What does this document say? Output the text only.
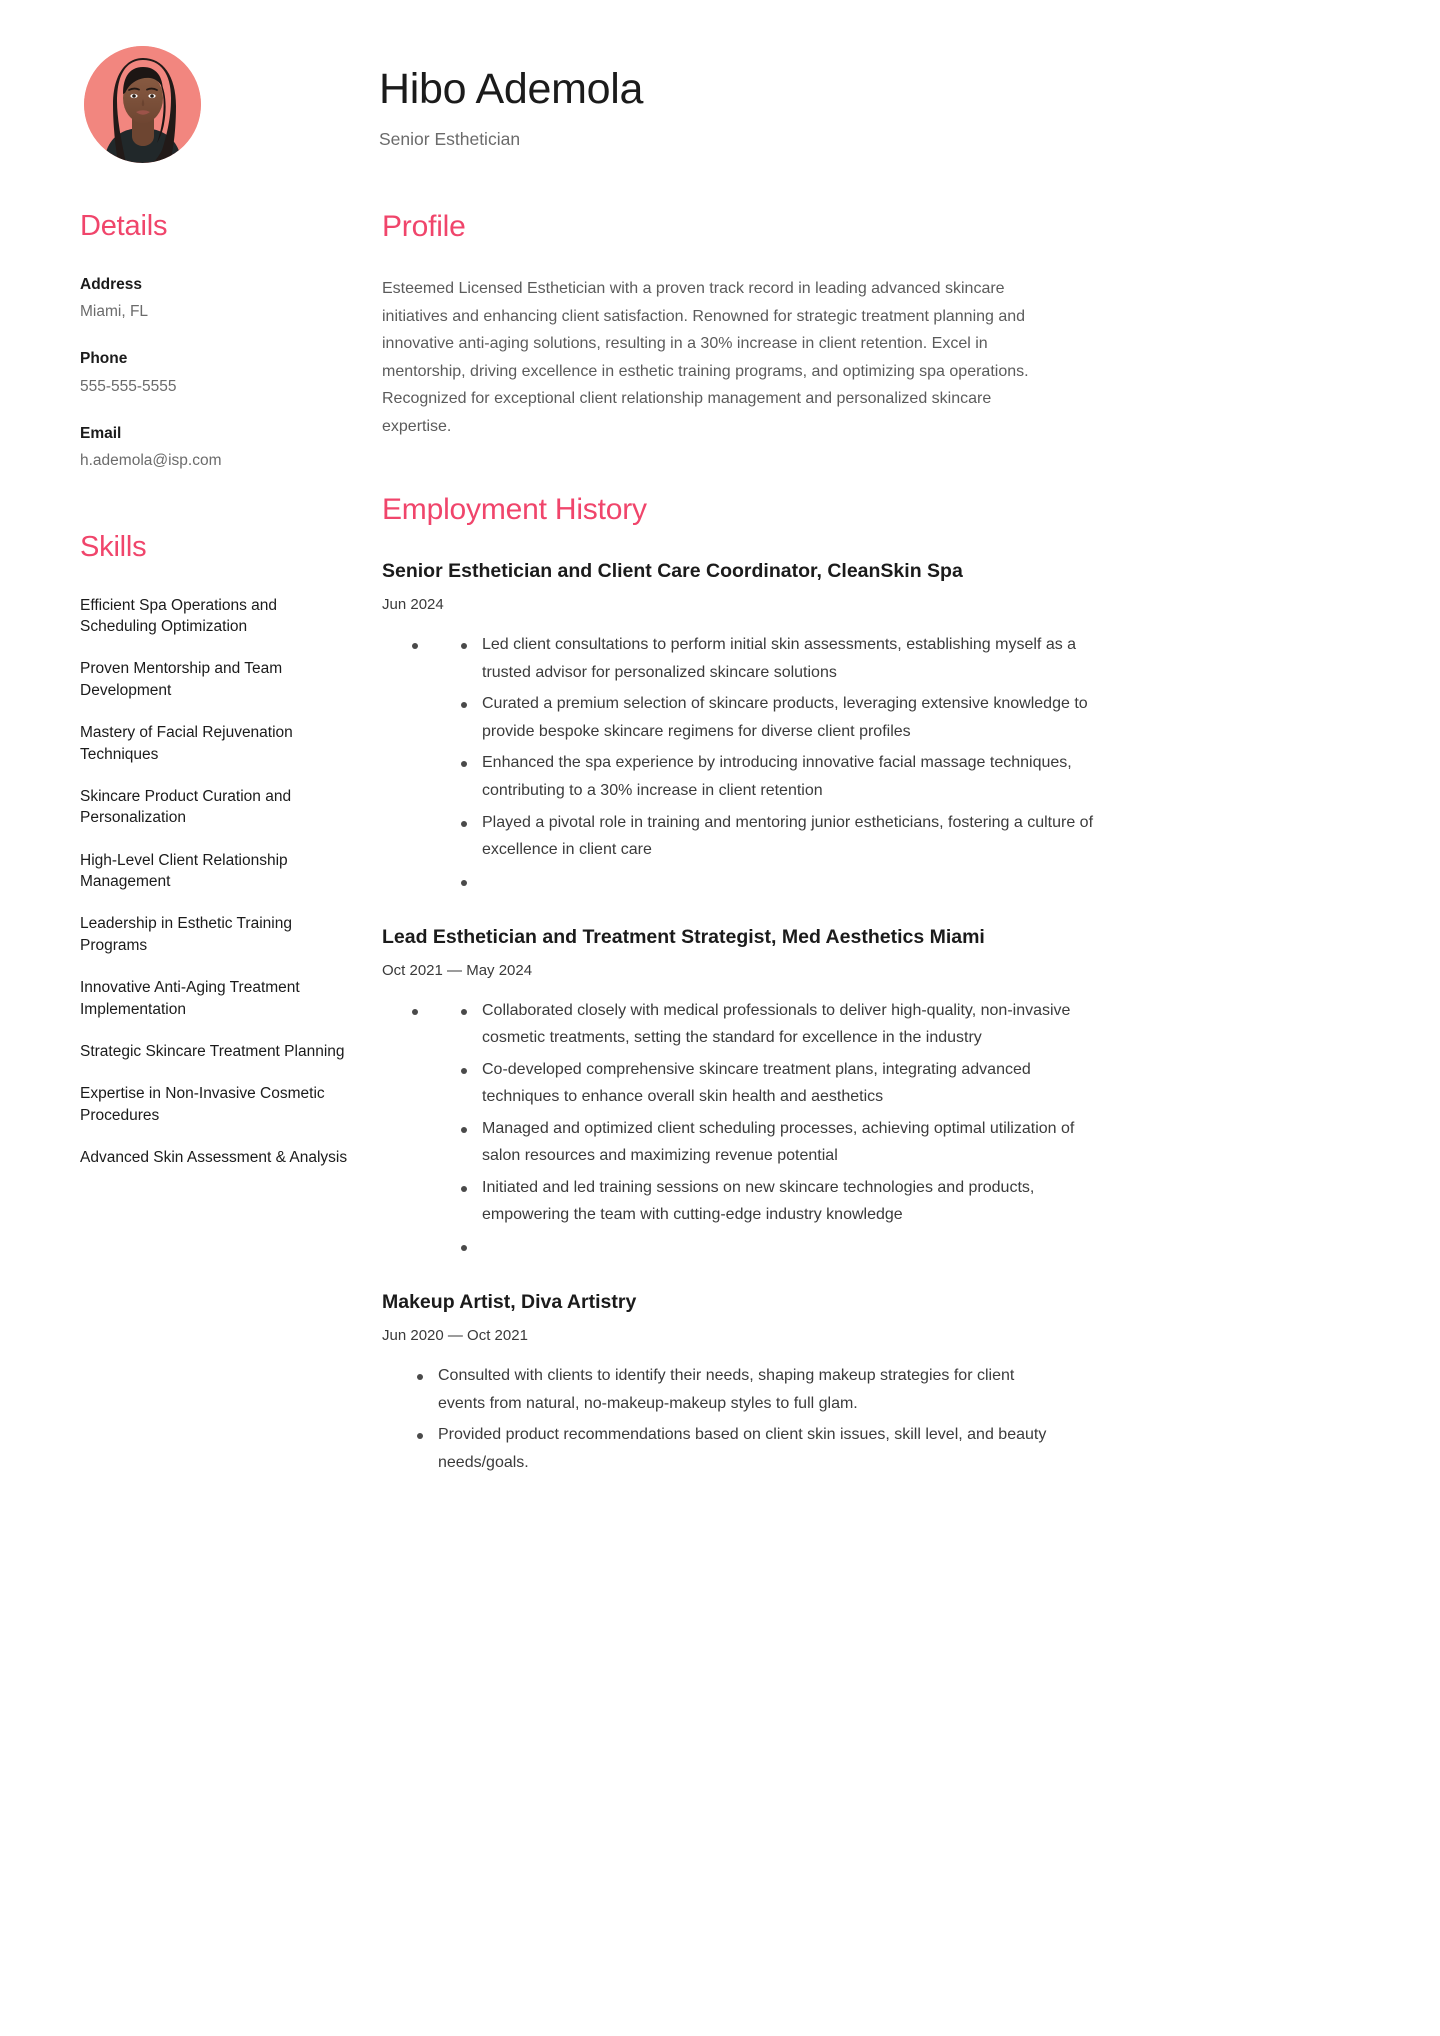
Hibo Ademola
Senior Esthetician
Details
Address
Miami, FL
Phone
555-555-5555
Email
h.ademola@isp.com
Skills
Efficient Spa Operations and Scheduling Optimization
Proven Mentorship and Team Development
Mastery of Facial Rejuvenation Techniques
Skincare Product Curation and Personalization
High-Level Client Relationship Management
Leadership in Esthetic Training Programs
Innovative Anti-Aging Treatment Implementation
Strategic Skincare Treatment Planning
Expertise in Non-Invasive Cosmetic Procedures
Advanced Skin Assessment & Analysis
Profile
Esteemed Licensed Esthetician with a proven track record in leading advanced skincare initiatives and enhancing client satisfaction. Renowned for strategic treatment planning and innovative anti-aging solutions, resulting in a 30% increase in client retention. Excel in mentorship, driving excellence in esthetic training programs, and optimizing spa operations. Recognized for exceptional client relationship management and personalized skincare expertise.
Employment History
Senior Esthetician and Client Care Coordinator, CleanSkin Spa
Jun 2024
Led client consultations to perform initial skin assessments, establishing myself as a trusted advisor for personalized skincare solutions
Curated a premium selection of skincare products, leveraging extensive knowledge to provide bespoke skincare regimens for diverse client profiles
Enhanced the spa experience by introducing innovative facial massage techniques, contributing to a 30% increase in client retention
Played a pivotal role in training and mentoring junior estheticians, fostering a culture of excellence in client care
Lead Esthetician and Treatment Strategist, Med Aesthetics Miami
Oct 2021 — May 2024
Collaborated closely with medical professionals to deliver high-quality, non-invasive cosmetic treatments, setting the standard for excellence in the industry
Co-developed comprehensive skincare treatment plans, integrating advanced techniques to enhance overall skin health and aesthetics
Managed and optimized client scheduling processes, achieving optimal utilization of salon resources and maximizing revenue potential
Initiated and led training sessions on new skincare technologies and products, empowering the team with cutting-edge industry knowledge
Makeup Artist, Diva Artistry
Jun 2020 — Oct 2021
Consulted with clients to identify their needs, shaping makeup strategies for client events from natural, no-makeup-makeup styles to full glam.
Provided product recommendations based on client skin issues, skill level, and beauty needs/goals.
